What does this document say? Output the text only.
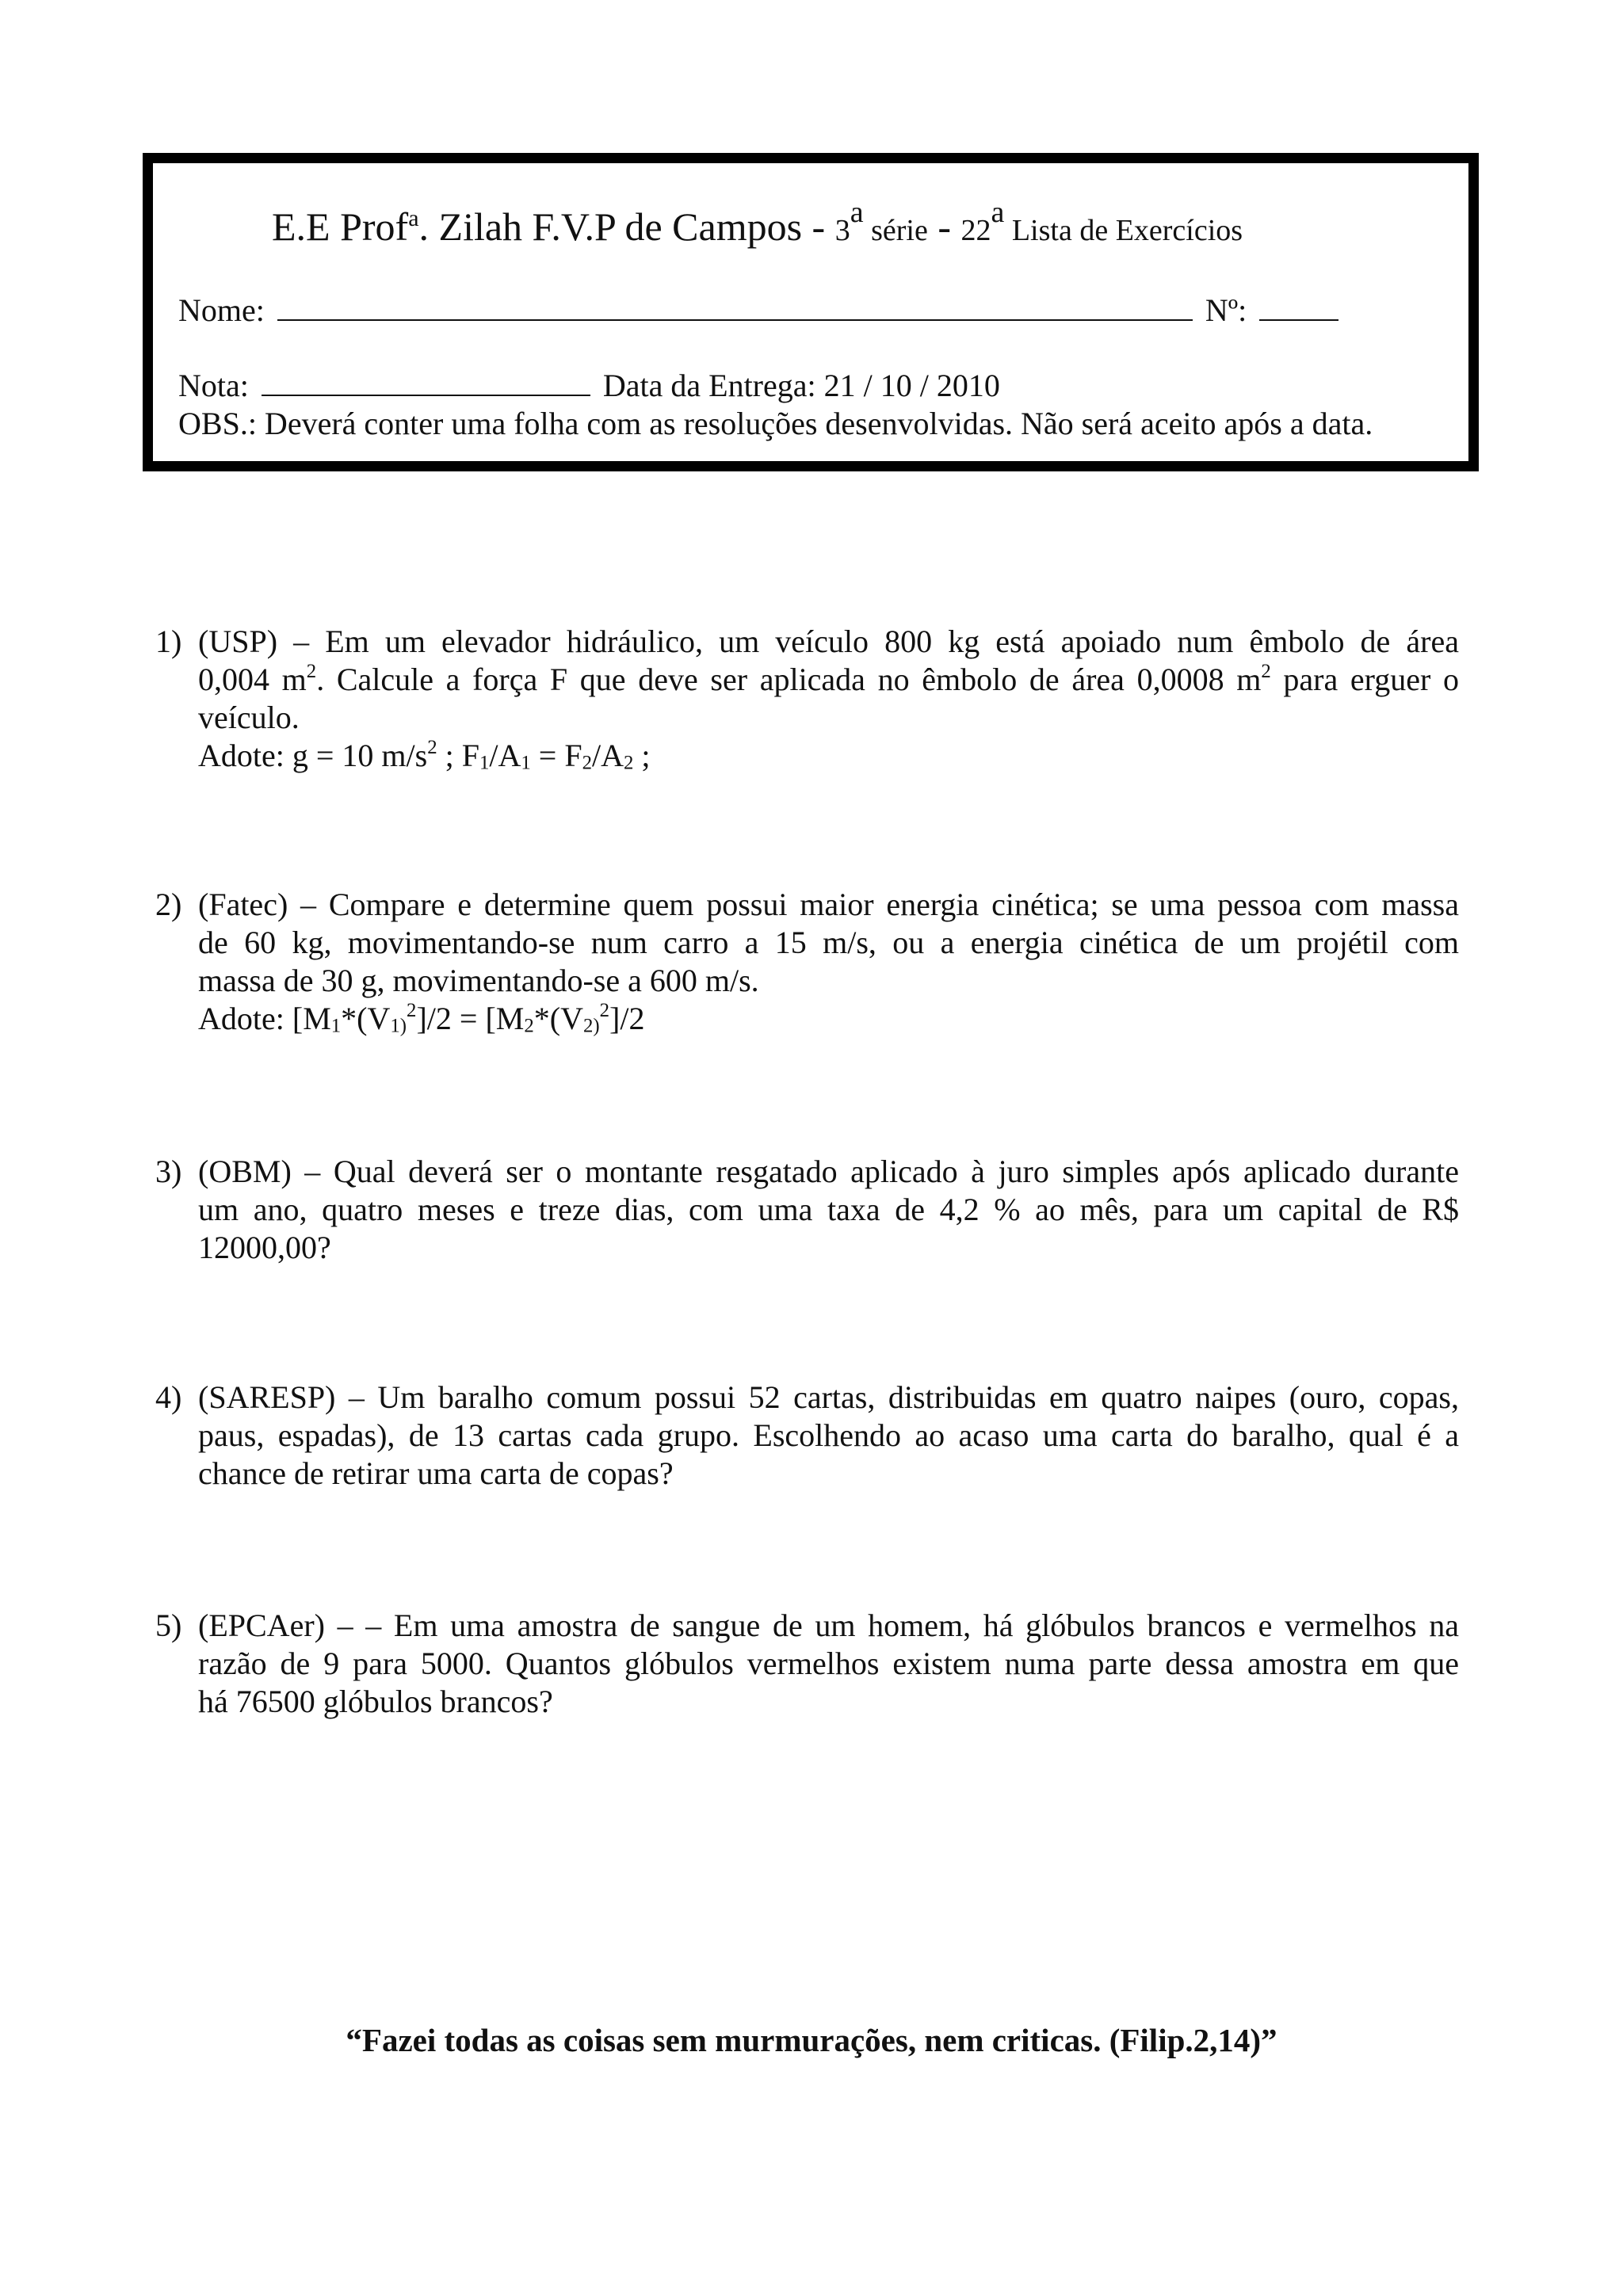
E.E Prof$^a$. Zilah F.V.P de Campos - 3$^a$ série - 22$^a$ Lista de Exercícios
Nome:	Nº:
Nota:	Data da Entrega: 21 / 10 / 2010
OBS.: Deverá conter uma folha com as resoluções desenvolvidas. Não será aceito após a data.
1) (USP) – Em um elevador hidráulico, um veículo 800 kg está apoiado num êmbolo de área
0,004 $m^2$. Calcule a força F que deve ser aplicada no êmbolo de área 0,0008 $m^2$ para erguer o
veículo.
Adote: g = 10 $m/s^2$ ; $F_1/A_1 = F_2/A_2$ ;
2) (Fatec) – Compare e determine quem possui maior energia cinética; se uma pessoa com massa
de 60 kg, movimentando-se num carro a 15 m/s, ou a energia cinética de um projétil com
massa de 30 g, movimentando-se a 600 m/s.
Adote: [$M_1*(V_{1)}^2]/2 = [M_2*(V_{2)}^2]/2$
3) (OBM) – Qual deverá ser o montante resgatado aplicado à juro simples após aplicado durante
um ano, quatro meses e treze dias, com uma taxa de 4,2 % ao mês, para um capital de R$
12000,00?
4) (SARESP) – Um baralho comum possui 52 cartas, distribuidas em quatro naipes (ouro, copas,
paus, espadas), de 13 cartas cada grupo. Escolhendo ao acaso uma carta do baralho, qual é a
chance de retirar uma carta de copas?
5) (EPCAer) – – Em uma amostra de sangue de um homem, há glóbulos brancos e vermelhos na
razão de 9 para 5000. Quantos glóbulos vermelhos existem numa parte dessa amostra em que
há 76500 glóbulos brancos?
“Fazei todas as coisas sem murmurações, nem criticas. (Filip.2,14)”
